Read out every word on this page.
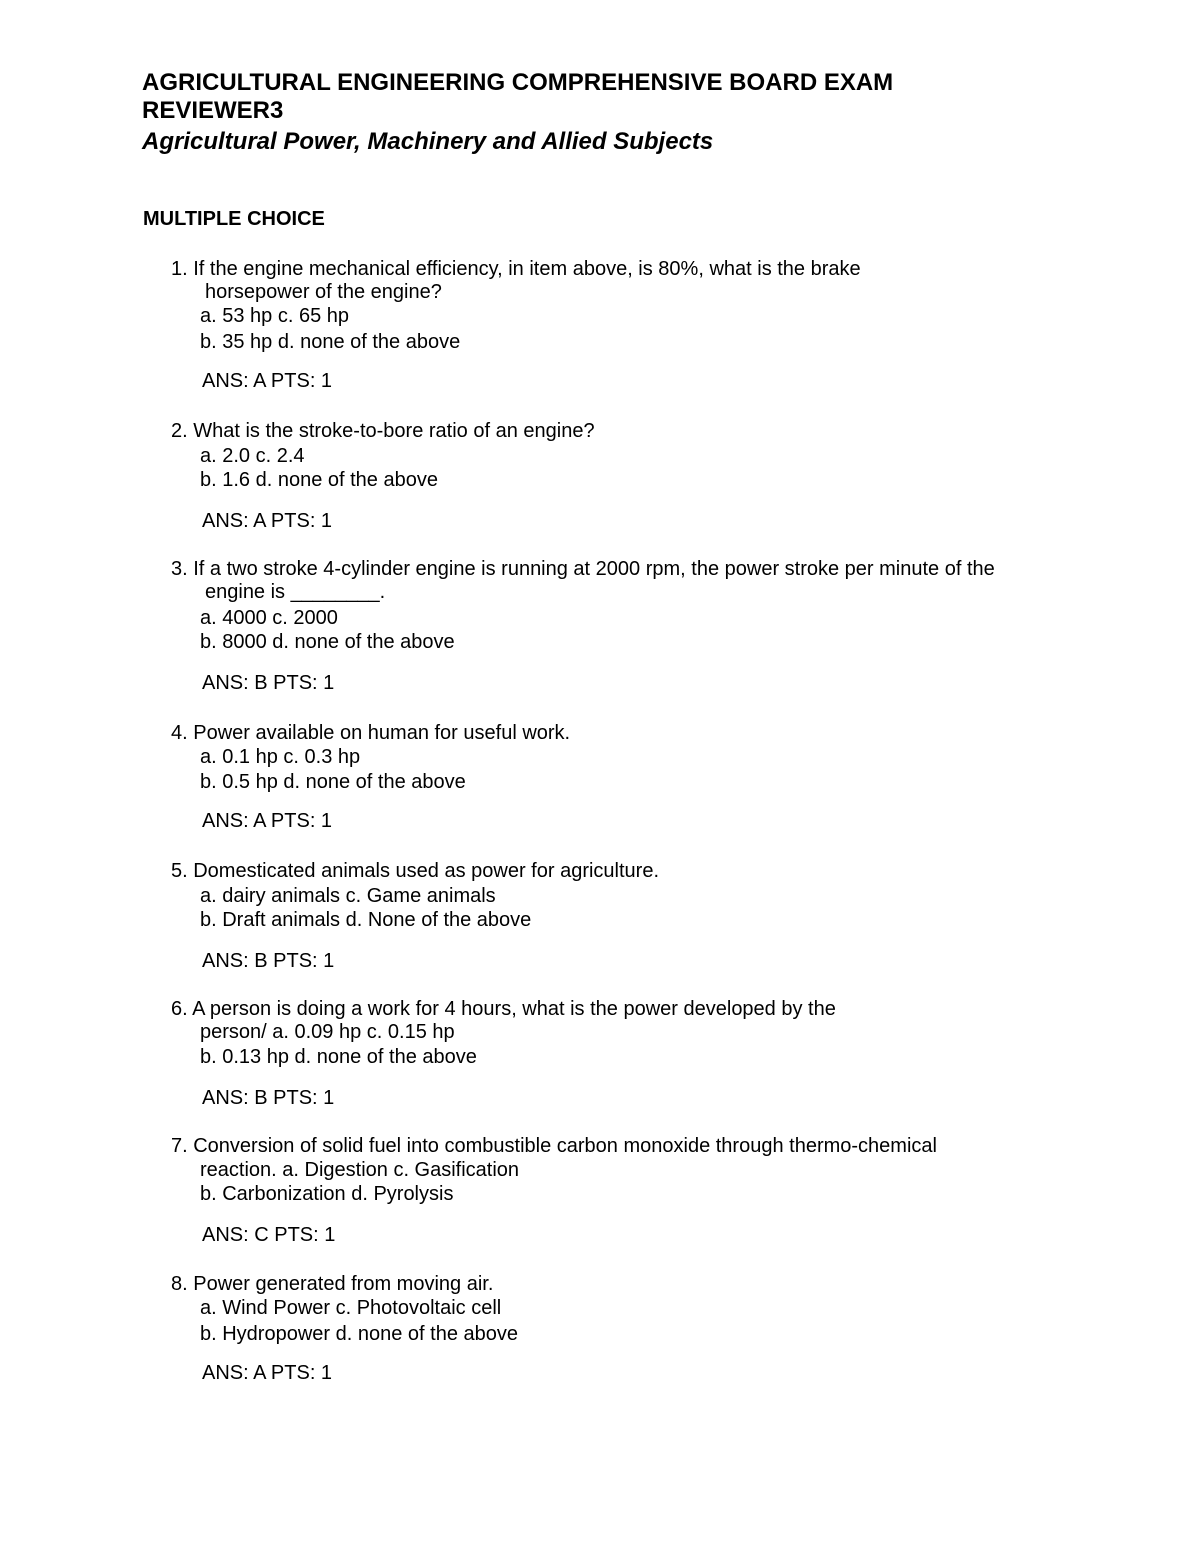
AGRICULTURAL ENGINEERING COMPREHENSIVE BOARD EXAM
REVIEWER3
Agricultural Power, Machinery and Allied Subjects
MULTIPLE CHOICE
1. If the engine mechanical efficiency, in item above, is 80%, what is the brake
horsepower of the engine?
a. 53 hp c. 65 hp
b. 35 hp d. none of the above
ANS: A PTS: 1
2. What is the stroke-to-bore ratio of an engine?
a. 2.0 c. 2.4
b. 1.6 d. none of the above
ANS: A PTS: 1
3. If a two stroke 4-cylinder engine is running at 2000 rpm, the power stroke per minute of the
engine is ________.
a. 4000 c. 2000
b. 8000 d. none of the above
ANS: B PTS: 1
4. Power available on human for useful work.
a. 0.1 hp c. 0.3 hp
b. 0.5 hp d. none of the above
ANS: A PTS: 1
5. Domesticated animals used as power for agriculture.
a. dairy animals c. Game animals
b. Draft animals d. None of the above
ANS: B PTS: 1
6. A person is doing a work for 4 hours, what is the power developed by the
person/ a. 0.09 hp c. 0.15 hp
b. 0.13 hp d. none of the above
ANS: B PTS: 1
7. Conversion of solid fuel into combustible carbon monoxide through thermo-chemical
reaction. a. Digestion c. Gasification
b. Carbonization d. Pyrolysis
ANS: C PTS: 1
8. Power generated from moving air.
a. Wind Power c. Photovoltaic cell
b. Hydropower d. none of the above
ANS: A PTS: 1
